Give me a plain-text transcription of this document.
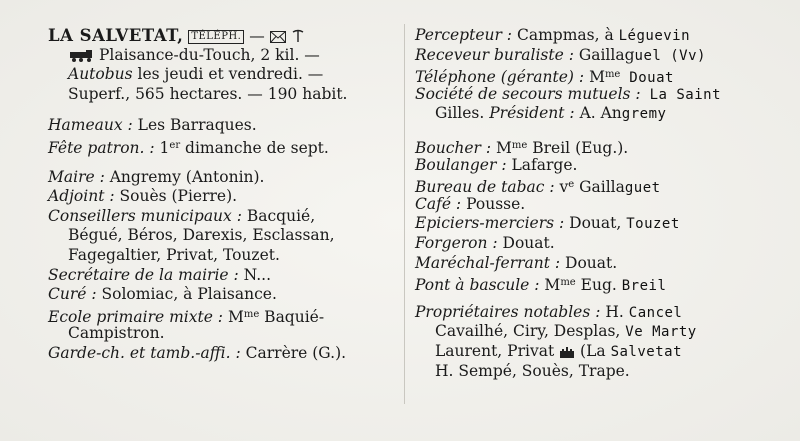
LA SALVETAT, TÉLÉPH. —
Plaisance-du-Touch, 2 kil. —
Autobus les jeudi et vendredi. —
Superf., 565 hectares. — 190 habit.
Hameaux : Les Barraques.
Fête patron. : 1er dimanche de sept.
Maire : Angremy (Antonin).
Adjoint : Souès (Pierre).
Conseillers municipaux : Bacquié,
Bégué, Béros, Darexis, Esclassan,
Fagegaltier, Privat, Touzet.
Secrétaire de la mairie : N...
Curé : Solomiac, à Plaisance.
Ecole primaire mixte : $M^{me}$ Baquié-
Campistron.
Garde-ch. et tamb.-affi. : Carrère (G.).
Percepteur : Campmas, à Léguevin
Receveur buraliste : Gaillaguel (Vv)
Téléphone (gérante) : $M^{me}$ Douat
Société de secours mutuels : La Saint
Gilles. Président : A. Angremy
Boucher : $M^{me}$ Breil (Eug.).
Boulanger : Lafarge.
Bureau de tabac : $v^e$ Gaillaguet
Café : Pousse.
Epiciers-merciers : Douat, Touzet
Forgeron : Douat.
Maréchal-ferrant : Douat.
Pont à bascule : $M^{me}$ Eug. Breil
Propriétaires notables : H. Cancel
Cavailhé, Ciry, Desplas, Ve Marty
Laurent, Privat  (La Salvetat
H. Sempé, Souès, Trape.
